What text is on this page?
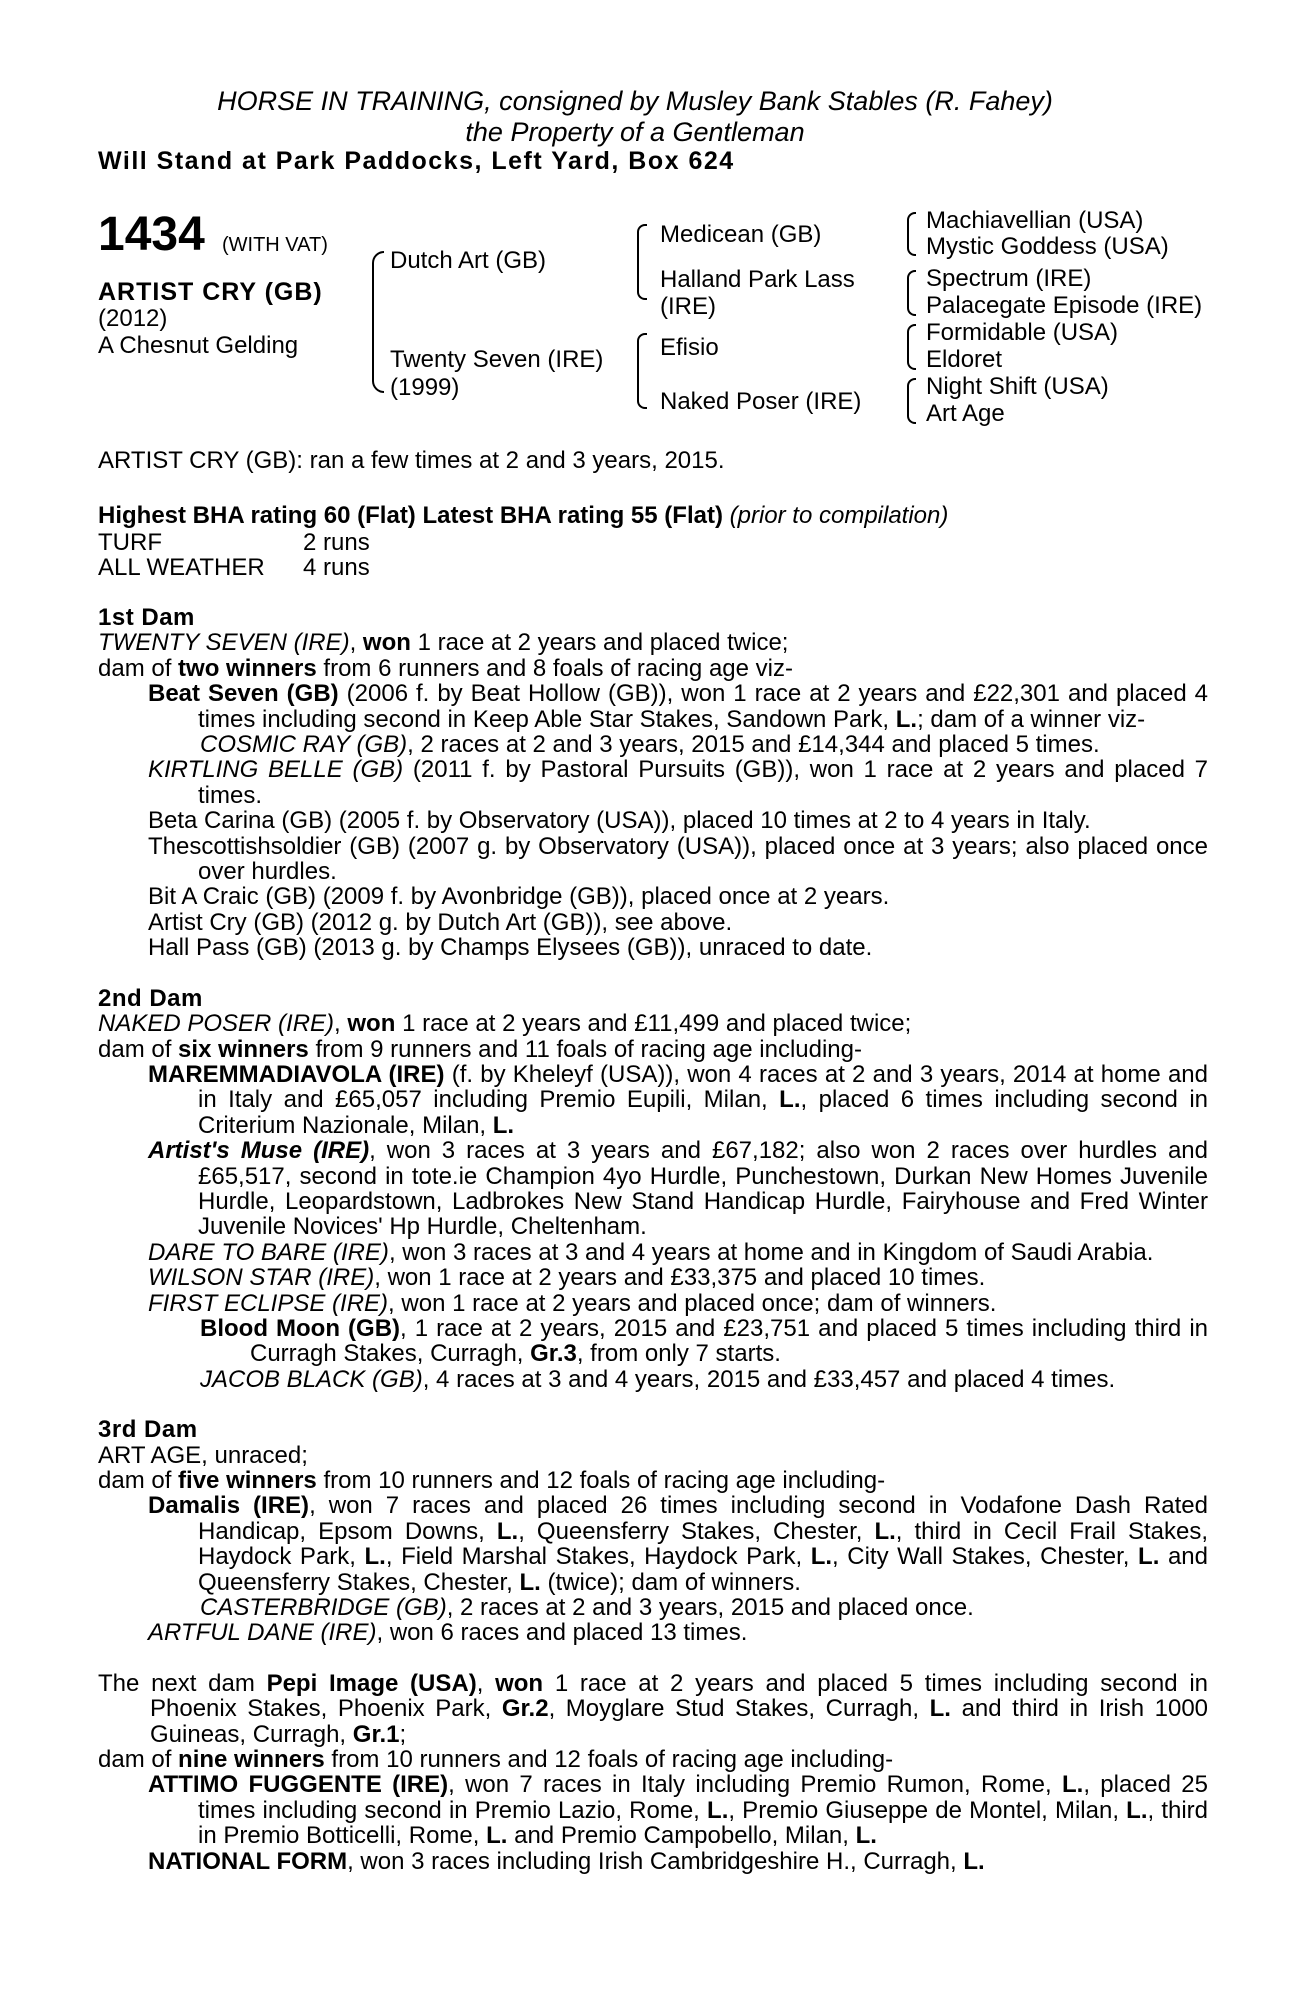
HORSE IN TRAINING, consigned by Musley Bank Stables (R. Fahey)
the Property of a Gentleman
Will Stand at Park Paddocks, Left Yard, Box 624
1434 (WITH VAT)
ARTIST CRY (GB)
(2012)
A Chesnut Gelding
Dutch Art (GB)
Twenty Seven (IRE)
(1999)
Medicean (GB)
Halland Park Lass
(IRE)
Efisio
Naked Poser (IRE)
Machiavellian (USA)
Mystic Goddess (USA)
Spectrum (IRE)
Palacegate Episode (IRE)
Formidable (USA)
Eldoret
Night Shift (USA)
Art Age
ARTIST CRY (GB): ran a few times at 2 and 3 years, 2015.
Highest BHA rating 60 (Flat) Latest BHA rating 55 (Flat) (prior to compilation)
TURF	2 runs
ALL WEATHER 4 runs

1st Dam

TWENTY SEVEN (IRE), won 1 race at 2 years and placed twice;

dam of two winners from 6 runners and 8 foals of racing age viz-

Beat Seven (GB) (2006 f. by Beat Hollow (GB)), won 1 race at 2 years and £22,301 and placed 4 times including second in Keep Able Star Stakes, Sandown Park, L.; dam of a winner viz-

COSMIC RAY (GB), 2 races at 2 and 3 years, 2015 and £14,344 and placed 5 times.

KIRTLING BELLE (GB) (2011 f. by Pastoral Pursuits (GB)), won 1 race at 2 years and placed 7 times.

Beta Carina (GB) (2005 f. by Observatory (USA)), placed 10 times at 2 to 4 years in Italy.

Thescottishsoldier (GB) (2007 g. by Observatory (USA)), placed once at 3 years; also placed once over hurdles.

Bit A Craic (GB) (2009 f. by Avonbridge (GB)), placed once at 2 years.

Artist Cry (GB) (2012 g. by Dutch Art (GB)), see above.

Hall Pass (GB) (2013 g. by Champs Elysees (GB)), unraced to date.

2nd Dam

NAKED POSER (IRE), won 1 race at 2 years and £11,499 and placed twice;

dam of six winners from 9 runners and 11 foals of racing age including-

MAREMMADIAVOLA (IRE) (f. by Kheleyf (USA)), won 4 races at 2 and 3 years, 2014 at home and in Italy and £65,057 including Premio Eupili, Milan, L., placed 6 times including second in Criterium Nazionale, Milan, L.

Artist's Muse (IRE), won 3 races at 3 years and £67,182; also won 2 races over hurdles and £65,517, second in tote.ie Champion 4yo Hurdle, Punchestown, Durkan New Homes Juvenile Hurdle, Leopardstown, Ladbrokes New Stand Handicap Hurdle, Fairyhouse and Fred Winter Juvenile Novices' Hp Hurdle, Cheltenham.

DARE TO BARE (IRE), won 3 races at 3 and 4 years at home and in Kingdom of Saudi Arabia.

WILSON STAR (IRE), won 1 race at 2 years and £33,375 and placed 10 times.

FIRST ECLIPSE (IRE), won 1 race at 2 years and placed once; dam of winners.

Blood Moon (GB), 1 race at 2 years, 2015 and £23,751 and placed 5 times including third in Curragh Stakes, Curragh, Gr.3, from only 7 starts.

JACOB BLACK (GB), 4 races at 3 and 4 years, 2015 and £33,457 and placed 4 times.

3rd Dam

ART AGE, unraced;

dam of five winners from 10 runners and 12 foals of racing age including-

Damalis (IRE), won 7 races and placed 26 times including second in Vodafone Dash Rated Handicap, Epsom Downs, L., Queensferry Stakes, Chester, L., third in Cecil Frail Stakes, Haydock Park, L., Field Marshal Stakes, Haydock Park, L., City Wall Stakes, Chester, L. and Queensferry Stakes, Chester, L. (twice); dam of winners.

CASTERBRIDGE (GB), 2 races at 2 and 3 years, 2015 and placed once.

ARTFUL DANE (IRE), won 6 races and placed 13 times.

The next dam Pepi Image (USA), won 1 race at 2 years and placed 5 times including second in Phoenix Stakes, Phoenix Park, Gr.2, Moyglare Stud Stakes, Curragh, L. and third in Irish 1000 Guineas, Curragh, Gr.1;

dam of nine winners from 10 runners and 12 foals of racing age including-

ATTIMO FUGGENTE (IRE), won 7 races in Italy including Premio Rumon, Rome, L., placed 25 times including second in Premio Lazio, Rome, L., Premio Giuseppe de Montel, Milan, L., third in Premio Botticelli, Rome, L. and Premio Campobello, Milan, L.

NATIONAL FORM, won 3 races including Irish Cambridgeshire H., Curragh, L.
